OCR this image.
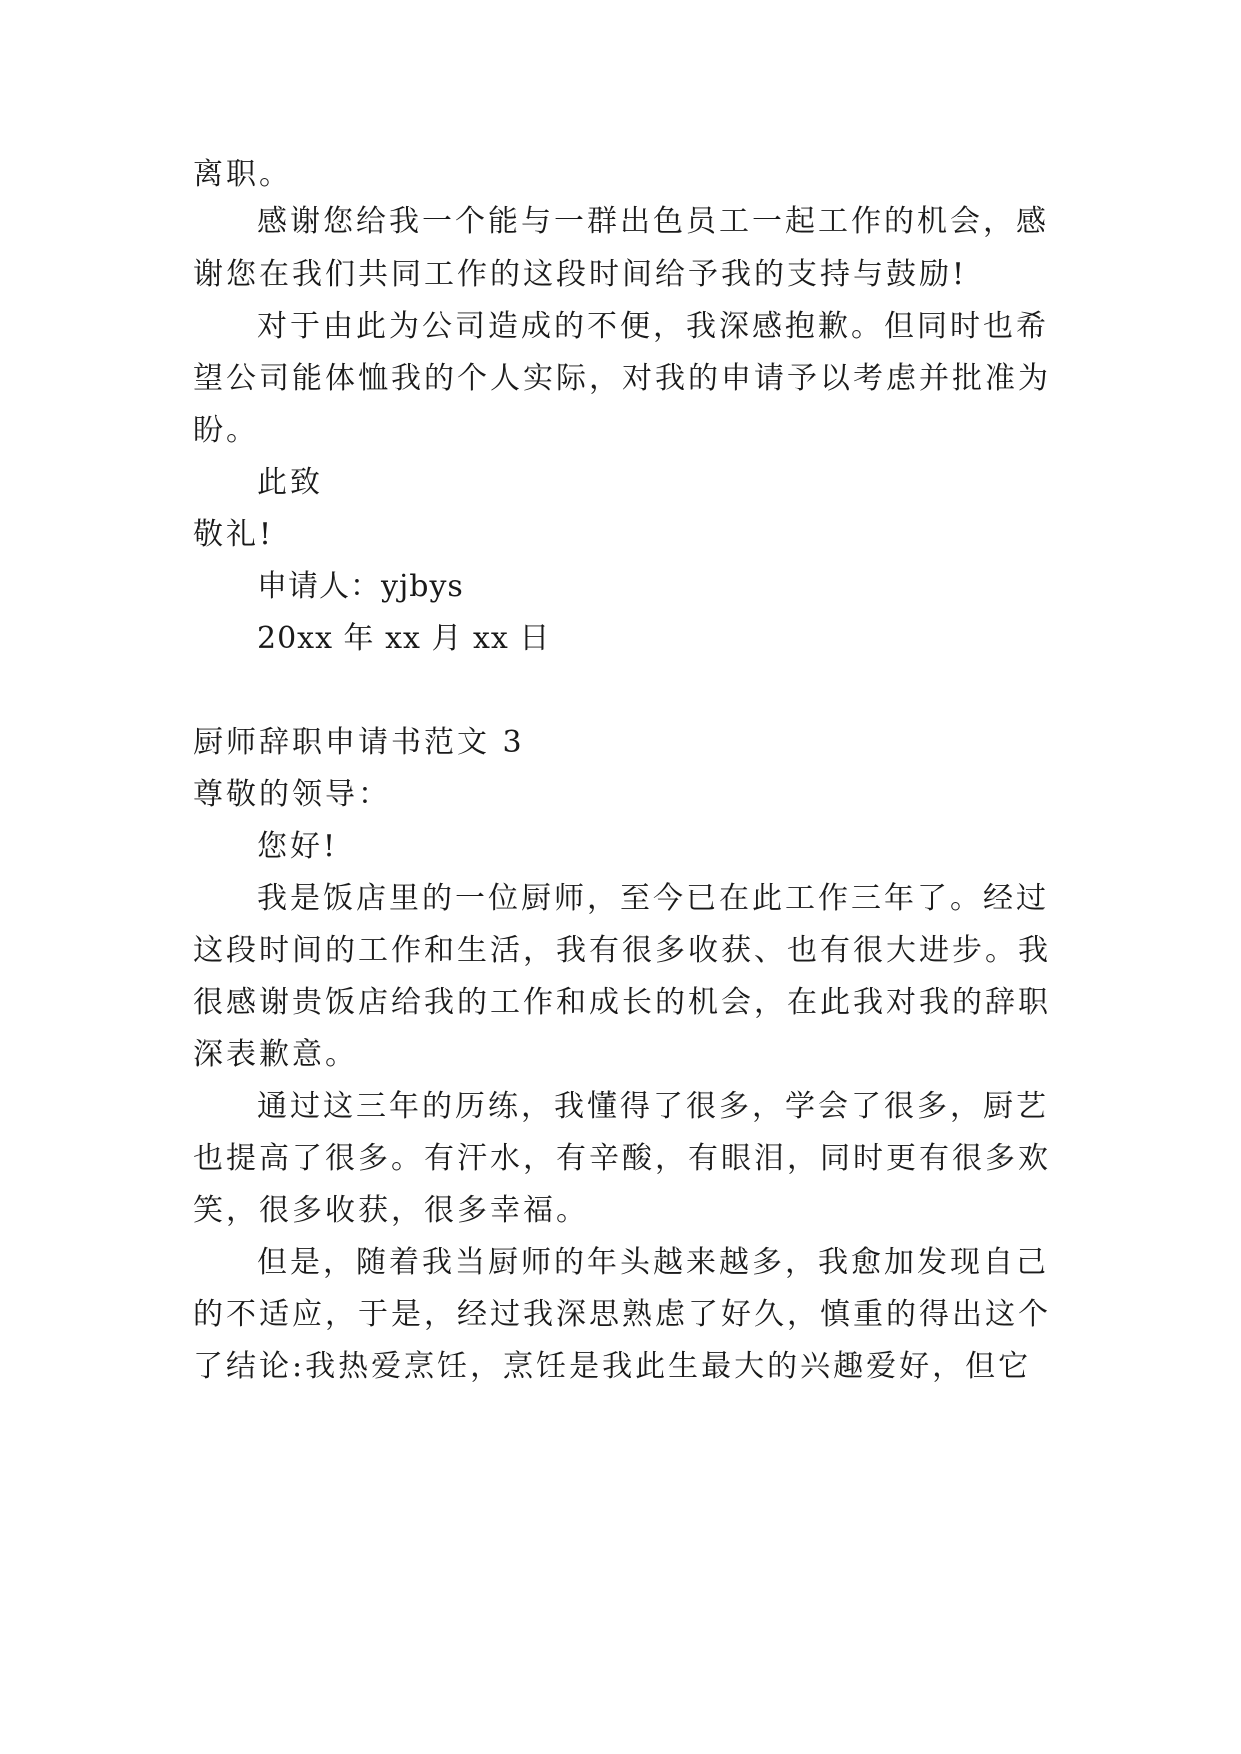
离职。
感谢您给我一个能与一群出色员工一起工作的机会，感
谢您在我们共同工作的这段时间给予我的支持与鼓励!
对于由此为公司造成的不便，我深感抱歉。但同时也希
望公司能体恤我的个人实际，对我的申请予以考虑并批准为
盼。
此致
敬礼!
申请人：yjbys
20xx 年 xx 月 xx 日
厨师辞职申请书范文 3
尊敬的领导：
您好!
我是饭店里的一位厨师，至今已在此工作三年了。经过
这段时间的工作和生活，我有很多收获、也有很大进步。我
很感谢贵饭店给我的工作和成长的机会，在此我对我的辞职
深表歉意。
通过这三年的历练，我懂得了很多，学会了很多，厨艺
也提高了很多。有汗水，有辛酸，有眼泪，同时更有很多欢
笑，很多收获，很多幸福。
但是，随着我当厨师的年头越来越多，我愈加发现自己
的不适应，于是，经过我深思熟虑了好久，慎重的得出这个
了结论:我热爱烹饪，烹饪是我此生最大的兴趣爱好，但它
